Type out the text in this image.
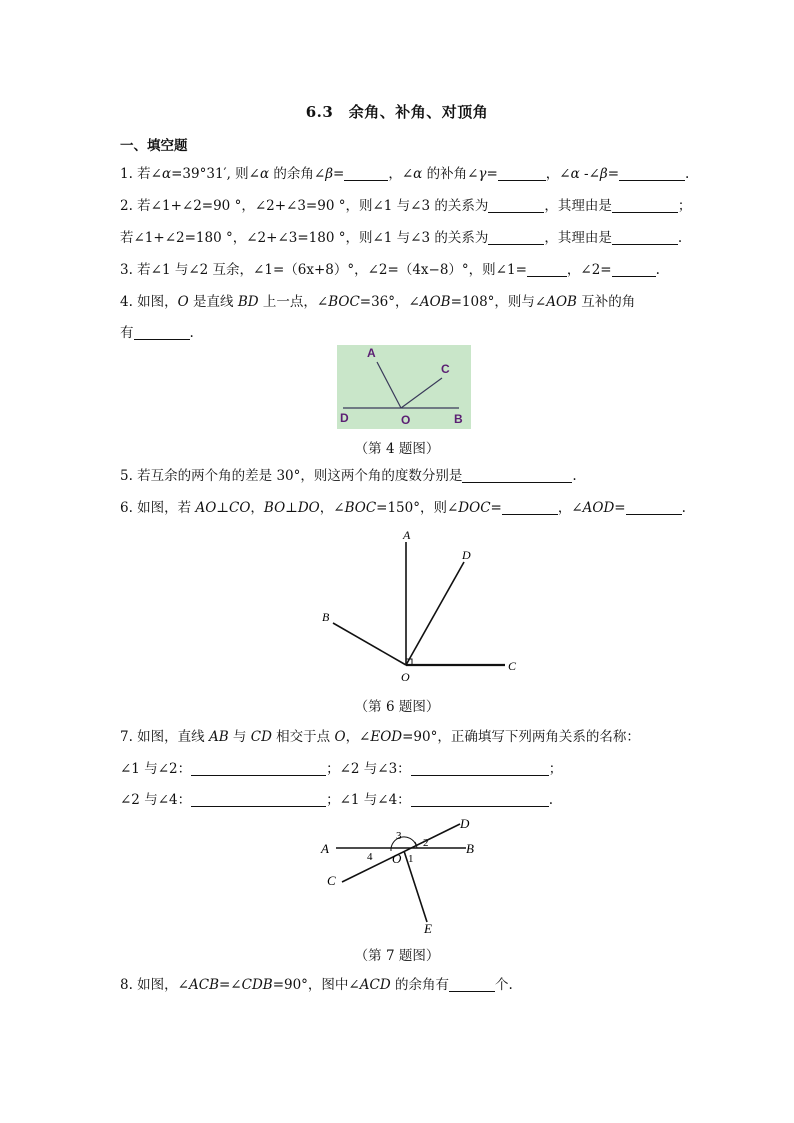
6.3　余角、补角、对顶角
一、填空题
1. 若∠α=39°31′, 则∠α 的余角∠β=	，∠α 的补角∠γ=	，∠α -∠β=	.
2. 若∠1+∠2=90 °，∠2+∠3=90 °，则∠1 与∠3 的关系为	，其理由是	；
若∠1+∠2=180 °，∠2+∠3=180 °，则∠1 与∠3 的关系为	，其理由是	.
3. 若∠1 与∠2 互余，∠1=（6x+8）°，∠2=（4x−8）°，则∠1=	，∠2=	.
4. 如图，O 是直线 BD 上一点，∠BOC=36°，∠AOB=108°，则与∠AOB 互补的角
有	.
A
C
D	O	B
（第 4 题图）
5. 若互余的两个角的差是 30°，则这两个角的度数分别是	.
6. 如图，若 AO⊥CO，BO⊥DO，∠BOC=150°，则∠DOC=	，∠AOD=	.
A
D
B
O
C
（第 6 题图）
7. 如图，直线 AB 与 CD 相交于点 O，∠EOD=90°，正确填写下列两角关系的名称：
∠1 与∠2：	；∠2 与∠3：	；
∠2 与∠4：	；∠1 与∠4：	.
A	B
C
D
E
O 1
2
3
4
（第 7 题图）
8. 如图，∠ACB=∠CDB=90°，图中∠ACD 的余角有	个.
